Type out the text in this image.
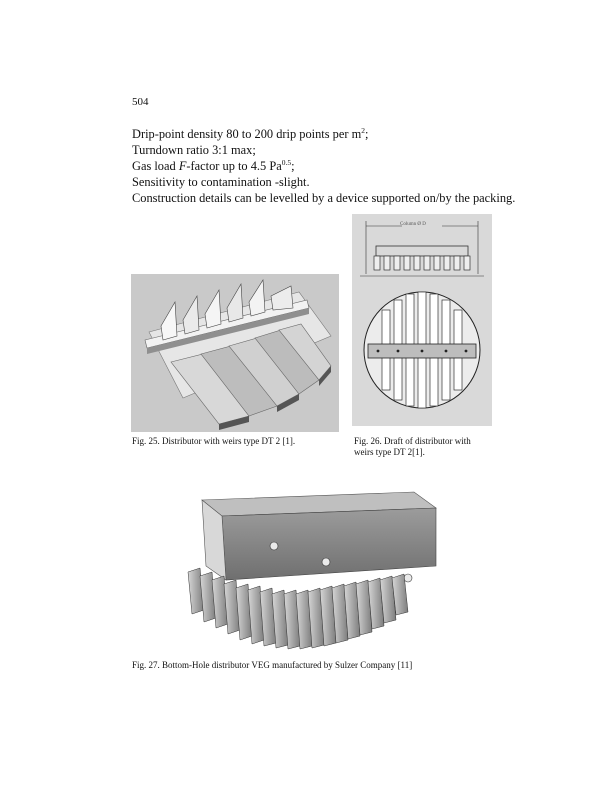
504
Drip-point density 80 to 200 drip points per $m^2$;
Turndown ratio 3:1 max;
Gas load F-factor up to 4.5 $Pa^{0.5}$;
Sensitivity to contamination -slight.
Construction details can be levelled by a device supported on/by the packing.
Column Ø D
Fig. 25. Distributor with weirs type DT 2 [1].	Fig. 26. Draft of distributor with
weirs type DT 2[1].
Fig. 27. Bottom-Hole distributor VEG manufactured by Sulzer Company [11]
